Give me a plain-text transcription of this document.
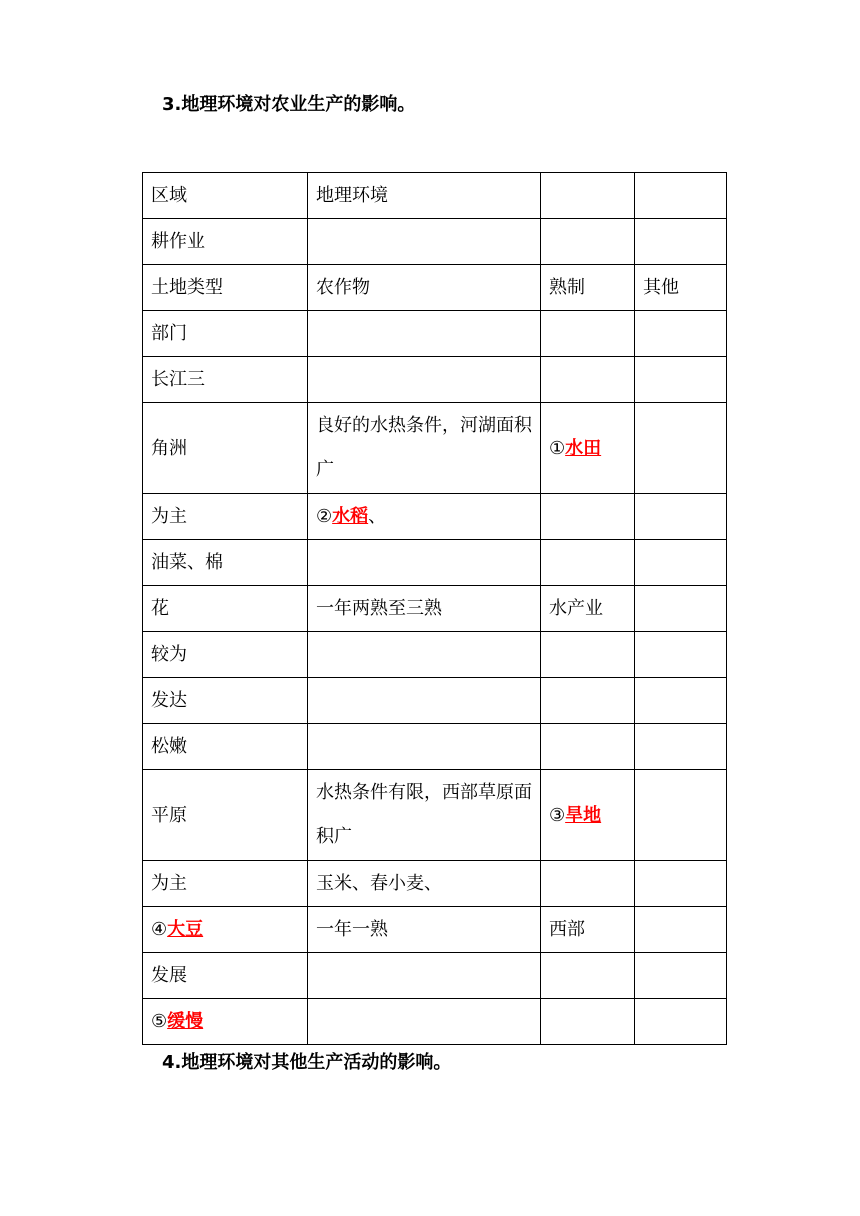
3.地理环境对农业生产的影响。
区域	地理环境		
耕作业			
土地类型	农作物	熟制	其他
部门			
长江三			
角洲	良好的水热条件，河湖面积广	①水田	
为主	②水稻、		
油菜、棉			
花	一年两熟至三熟	水产业	
较为			
发达			
松嫩			
平原	水热条件有限，西部草原面积广	③旱地	
为主	玉米、春小麦、		
④大豆	一年一熟	西部	
发展			
⑤缓慢			
4.地理环境对其他生产活动的影响。
